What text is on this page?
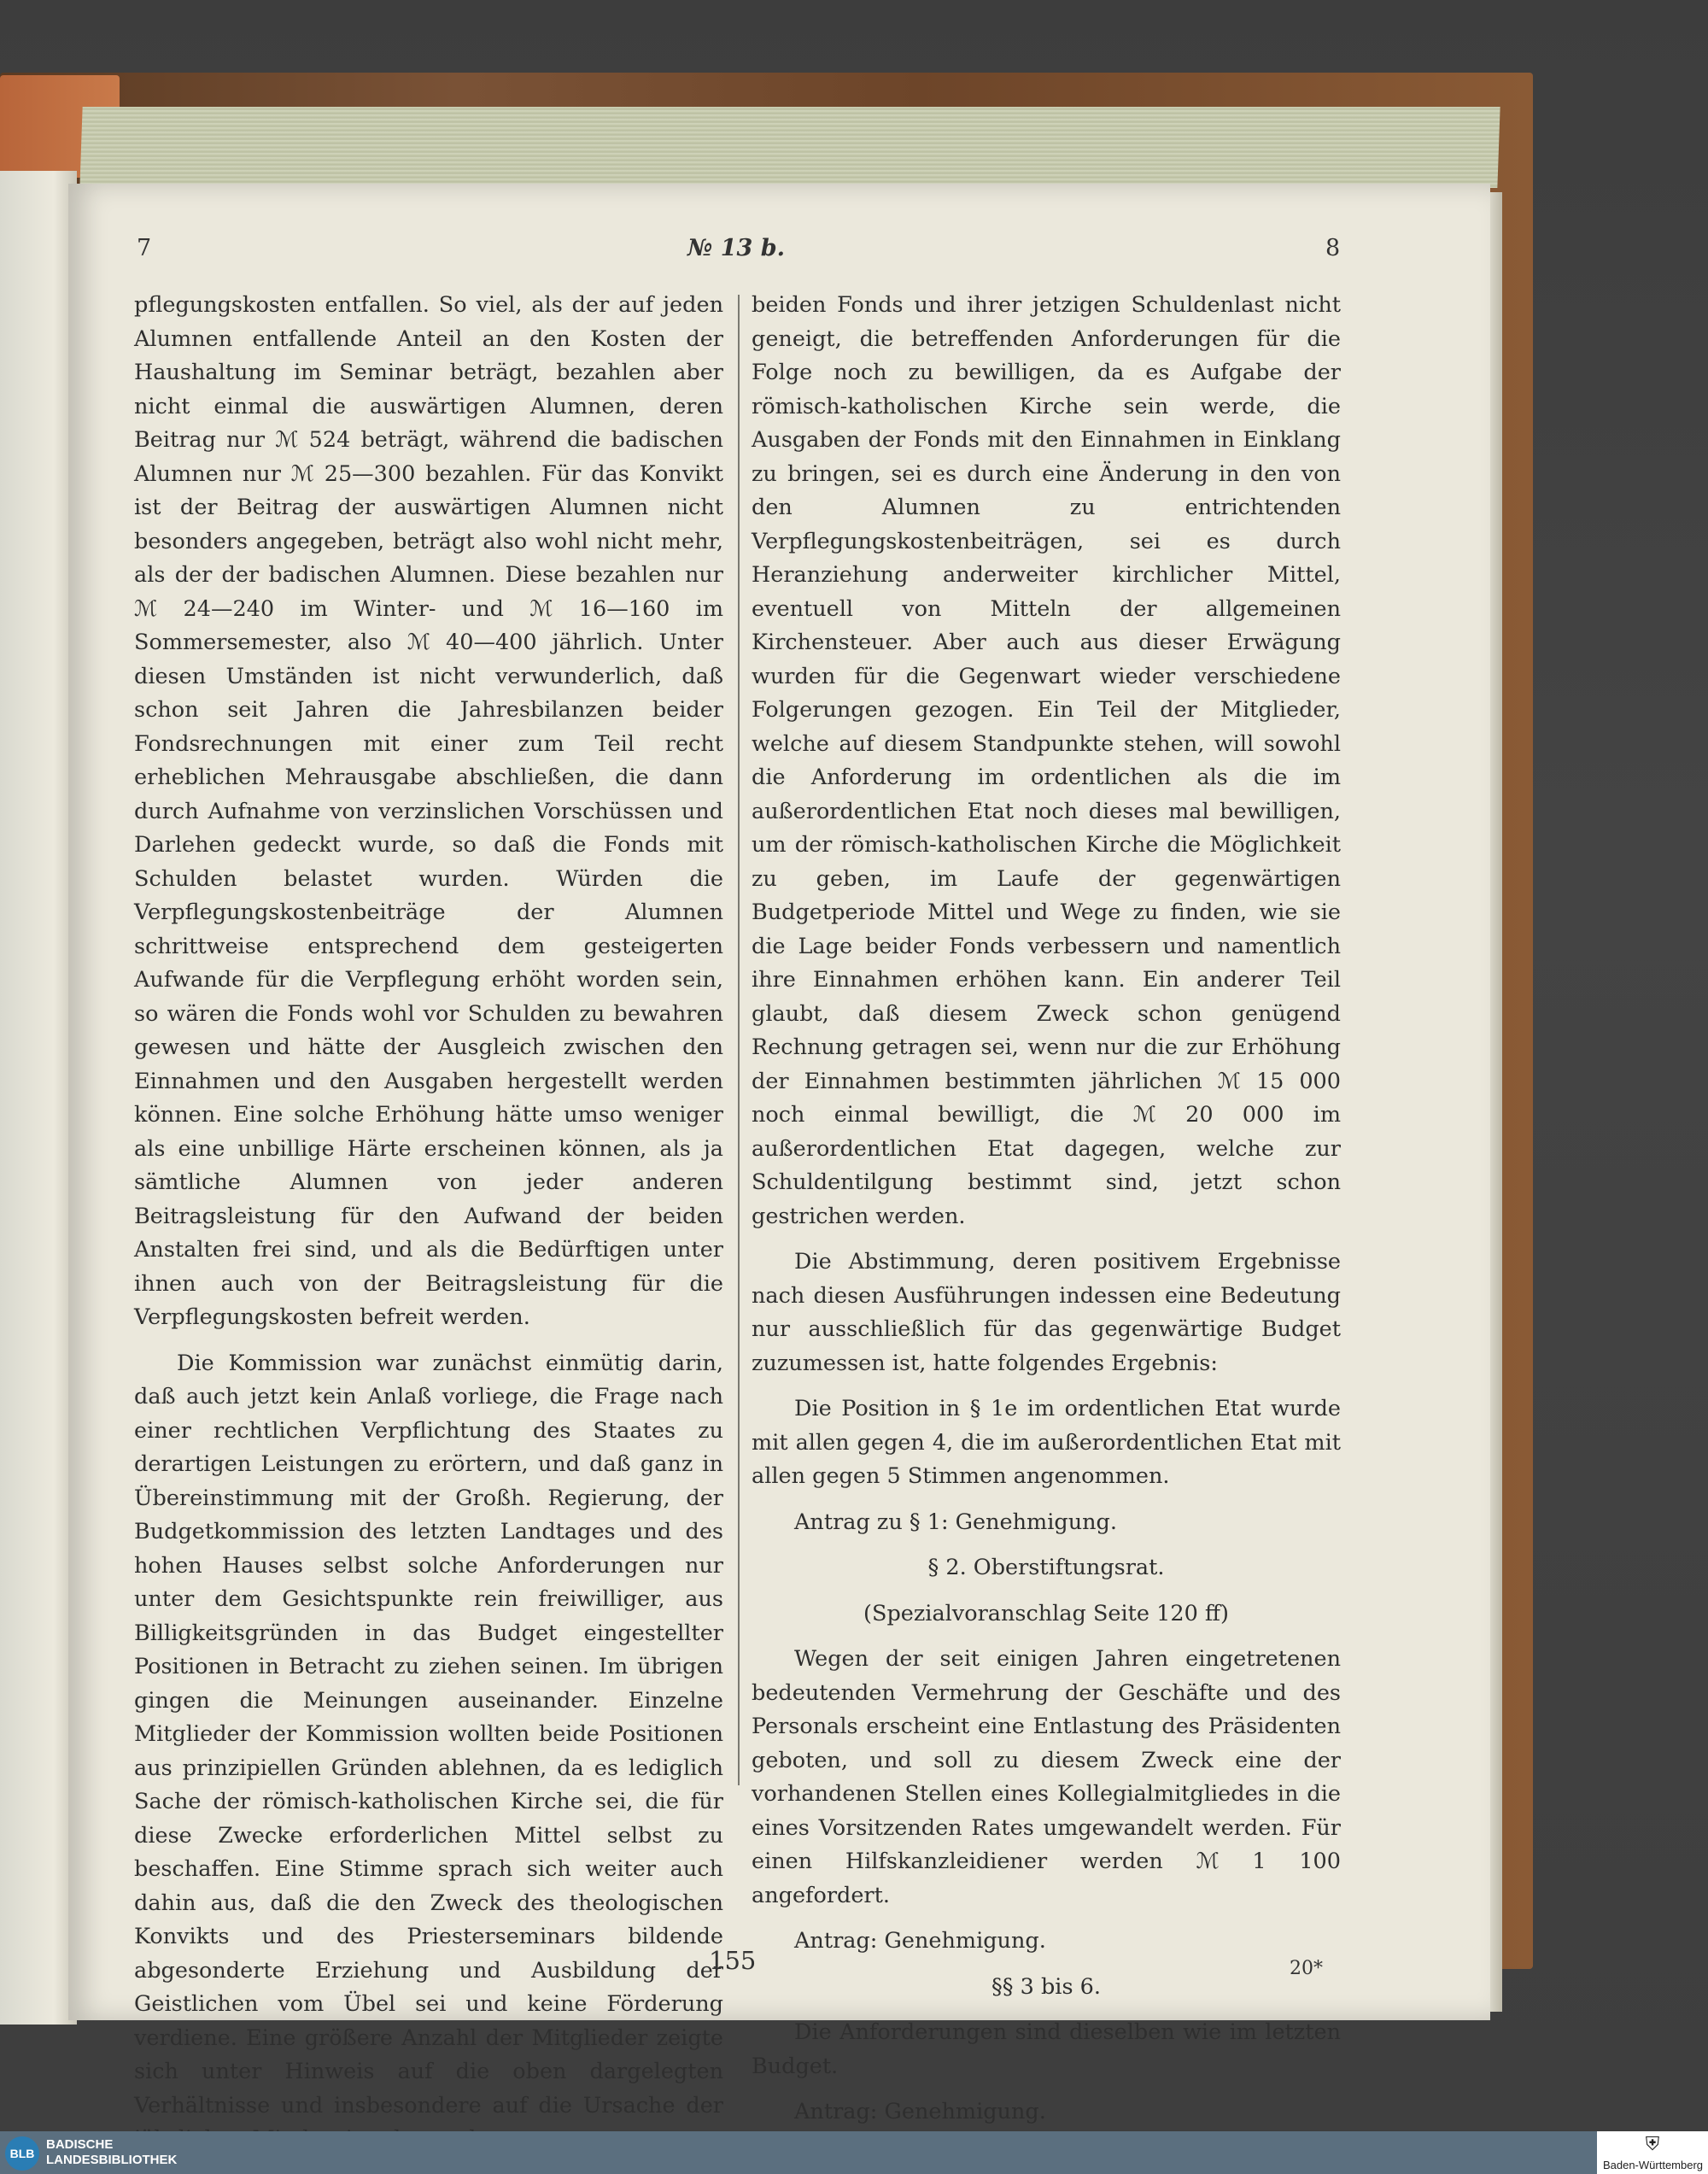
7	№ 13 b.	8

pflegungskosten entfallen. So viel, als der auf jeden Alumnen entfallende Anteil an den Kosten der Haushaltung im Seminar beträgt, bezahlen aber nicht einmal die auswärtigen Alumnen, deren Beitrag nur ℳ 524 beträgt, während die badischen Alumnen nur ℳ 25—300 bezahlen. Für das Konvikt ist der Beitrag der auswärtigen Alumnen nicht besonders angegeben, beträgt also wohl nicht mehr, als der der badischen Alumnen. Diese bezahlen nur ℳ 24—240 im Winter- und ℳ 16—160 im Sommersemester, also ℳ 40—400 jährlich. Unter diesen Umständen ist nicht verwunderlich, daß schon seit Jahren die Jahresbilanzen beider Fondsrechnungen mit einer zum Teil recht erheblichen Mehrausgabe abschließen, die dann durch Aufnahme von verzinslichen Vorschüssen und Darlehen gedeckt wurde, so daß die Fonds mit Schulden belastet wurden. Würden die Verpflegungskostenbeiträge der Alumnen schrittweise entsprechend dem gesteigerten Aufwande für die Verpflegung erhöht worden sein, so wären die Fonds wohl vor Schulden zu bewahren gewesen und hätte der Ausgleich zwischen den Einnahmen und den Ausgaben hergestellt werden können. Eine solche Erhöhung hätte umso weniger als eine unbillige Härte erscheinen können, als ja sämtliche Alumnen von jeder anderen Beitragsleistung für den Aufwand der beiden Anstalten frei sind, und als die Bedürftigen unter ihnen auch von der Beitragsleistung für die Verpflegungskosten befreit werden.

Die Kommission war zunächst einmütig darin, daß auch jetzt kein Anlaß vorliege, die Frage nach einer rechtlichen Verpflichtung des Staates zu derartigen Leistungen zu erörtern, und daß ganz in Übereinstimmung mit der Großh. Regierung, der Budgetkommission des letzten Landtages und des hohen Hauses selbst solche Anforderungen nur unter dem Gesichtspunkte rein freiwilliger, aus Billigkeitsgründen in das Budget eingestellter Positionen in Betracht zu ziehen seinen. Im übrigen gingen die Meinungen auseinander. Einzelne Mitglieder der Kommission wollten beide Positionen aus prinzipiellen Gründen ablehnen, da es lediglich Sache der römisch-katholischen Kirche sei, die für diese Zwecke erforderlichen Mittel selbst zu beschaffen. Eine Stimme sprach sich weiter auch dahin aus, daß die den Zweck des theologischen Konvikts und des Priesterseminars bildende abgesonderte Erziehung und Ausbildung der Geistlichen vom Übel sei und keine Förderung verdiene. Eine größere Anzahl der Mitglieder zeigte sich unter Hinweis auf die oben dargelegten Verhältnisse und insbesondere auf die Ursache der

beiden Fonds und ihrer jetzigen Schuldenlast nicht geneigt, die betreffenden Anforderungen für die Folge noch zu bewilligen, da es Aufgabe der römisch-katholischen Kirche sein werde, die Ausgaben der Fonds mit den Einnahmen in Einklang zu bringen, sei es durch eine Änderung in den von den Alumnen zu entrichtenden Verpflegungskostenbeiträgen, sei es durch Heranziehung anderweiter kirchlicher Mittel, eventuell von Mitteln der allgemeinen Kirchensteuer. Aber auch aus dieser Erwägung wurden für die Gegenwart wieder verschiedene Folgerungen gezogen. Ein Teil der Mitglieder, welche auf diesem Standpunkte stehen, will sowohl die Anforderung im ordentlichen als die im außerordentlichen Etat noch dieses mal bewilligen, um der römisch-katholischen Kirche die Möglichkeit zu geben, im Laufe der gegenwärtigen Budgetperiode Mittel und Wege zu finden, wie sie die Lage beider Fonds verbessern und namentlich ihre Einnahmen erhöhen kann. Ein anderer Teil glaubt, daß diesem Zweck schon genügend Rechnung getragen sei, wenn nur die zur Erhöhung der Einnahmen bestimmten jährlichen ℳ 15 000 noch einmal bewilligt, die ℳ 20 000 im außerordentlichen Etat dagegen, welche zur Schuldentilgung bestimmt sind, jetzt schon gestrichen werden.

Die Abstimmung, deren positivem Ergebnisse nach diesen Ausführungen indessen eine Bedeutung nur ausschließlich für das gegenwärtige Budget zuzumessen ist, hatte folgendes Ergebnis:

Die Position in § 1e im ordentlichen Etat wurde mit allen gegen 4, die im außerordentlichen Etat mit allen gegen 5 Stimmen angenommen.

Antrag zu § 1: Genehmigung.

§ 2. Oberstiftungsrat.

(Spezialvoranschlag Seite 120 ff)

Wegen der seit einigen Jahren eingetretenen bedeutenden Vermehrung der Geschäfte und des Personals erscheint eine Entlastung des Präsidenten geboten, und soll zu diesem Zweck eine der vorhandenen Stellen eines Kollegialmitgliedes in die eines Vorsitzenden Rates umgewandelt werden. Für einen Hilfskanzleidiener werden ℳ 1 100 angefordert.

Antrag: Genehmigung.

§§ 3 bis 6.

Die Anforderungen sind dieselben wie im letzten Budget.

Antrag: Genehmigung.

155	20*
BLB
BADISCHE
LANDESBIBLIOTHEK
⛨
Baden-Württemberg
